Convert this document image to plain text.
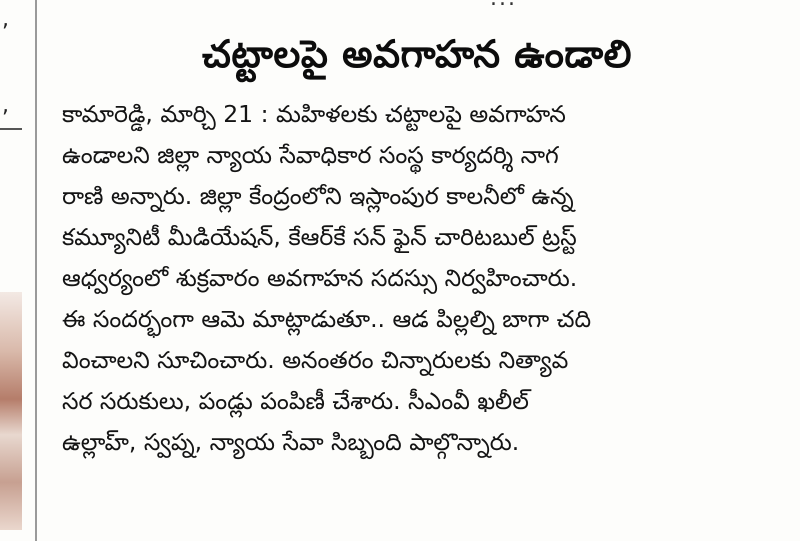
,
,
చట్టాలపై అవగాహన ఉండాలి
కామారెడ్డి, మార్చి 21 : మహిళలకు చట్టాలపై అవగాహన
ఉండాలని జిల్లా న్యాయ సేవాధికార సంస్థ కార్యదర్శి నాగ
రాణి అన్నారు. జిల్లా కేంద్రంలోని ఇస్లాంపుర కాలనీలో ఉన్న
కమ్యూనిటీ మీడియేషన్, కేఆర్‌కే సన్ ఫైన్ చారిటబుల్ ట్రస్ట్
ఆధ్వర్యంలో శుక్రవారం అవగాహన సదస్సు నిర్వహించారు.
ఈ సందర్భంగా ఆమె మాట్లాడుతూ.. ఆడ పిల్లల్ని బాగా చది
వించాలని సూచించారు. అనంతరం చిన్నారులకు నిత్యావ
సర సరుకులు, పండ్లు పంపిణీ చేశారు. సీఎంవీ ఖలీల్
ఉల్లాహ్, స్వప్న, న్యాయ సేవా సిబ్బంది పాల్గొన్నారు.
